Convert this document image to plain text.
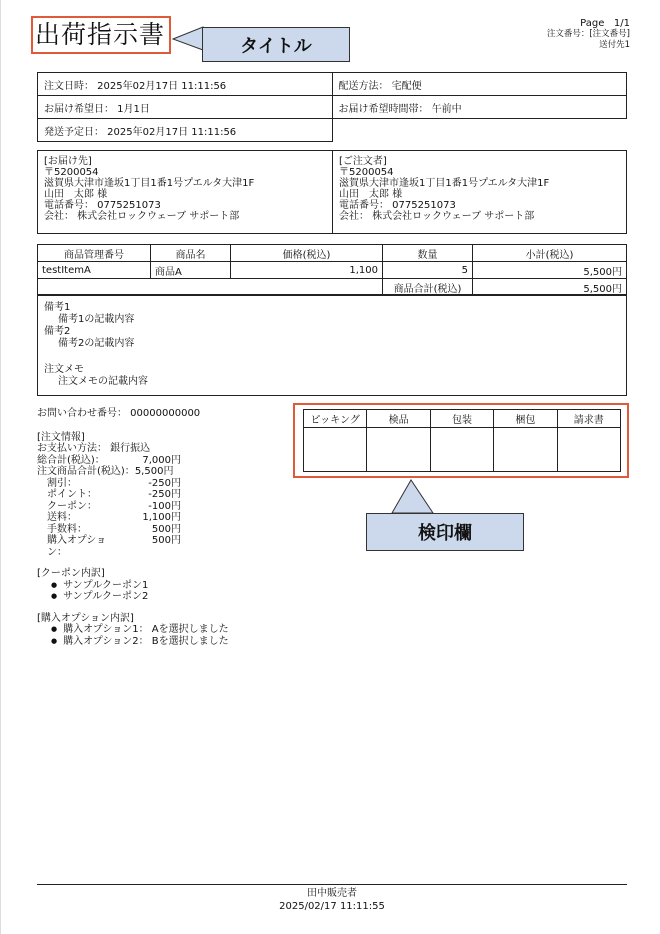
出荷指示書	タイトル
Page 1/1
注文番号：[注文番号]
送付先1
注文日時： 2025年02月17日 11:11:56	配送方法： 宅配便
お届け希望日： 1月1日	お届け希望時間帯： 午前中
発送予定日： 2025年02月17日 11:11:56	
[お届け先]
〒5200054
滋賀県大津市逢坂1丁目1番1号プエルタ大津1F
山田　太郎 様
電話番号： 0775251073
会社： 株式会社ロックウェーブ サポート部
[ご注文者]
〒5200054
滋賀県大津市逢坂1丁目1番1号プエルタ大津1F
山田　太郎 様
電話番号： 0775251073
会社： 株式会社ロックウェーブ サポート部
商品管理番号	商品名	価格(税込)	数量	小計(税込)
testItemA	商品A	1,100	5	5,500円
			商品合計(税込)	5,500円
備考1
備考1の記載内容
備考2
備考2の記載内容
注文メモ
注文メモの記載内容
お問い合わせ番号： 00000000000
[注文情報]
お支払い方法： 銀行振込
総合計(税込)：	7,000円
注文商品合計(税込)：5,500円
割引：	-250円
ポイント：	-250円
クーポン：	-100円
送料：	1,100円
手数料：	500円
購入オプション：
500円
[クーポン内訳]
● サンプルクーポン1
● サンプルクーポン2
[購入オプション内訳]
● 購入オプション1： Aを選択しました
● 購入オプション2： Bを選択しました
ピッキング	検品	包装	梱包	請求書

検印欄
田中販売者
2025/02/17 11:11:55
